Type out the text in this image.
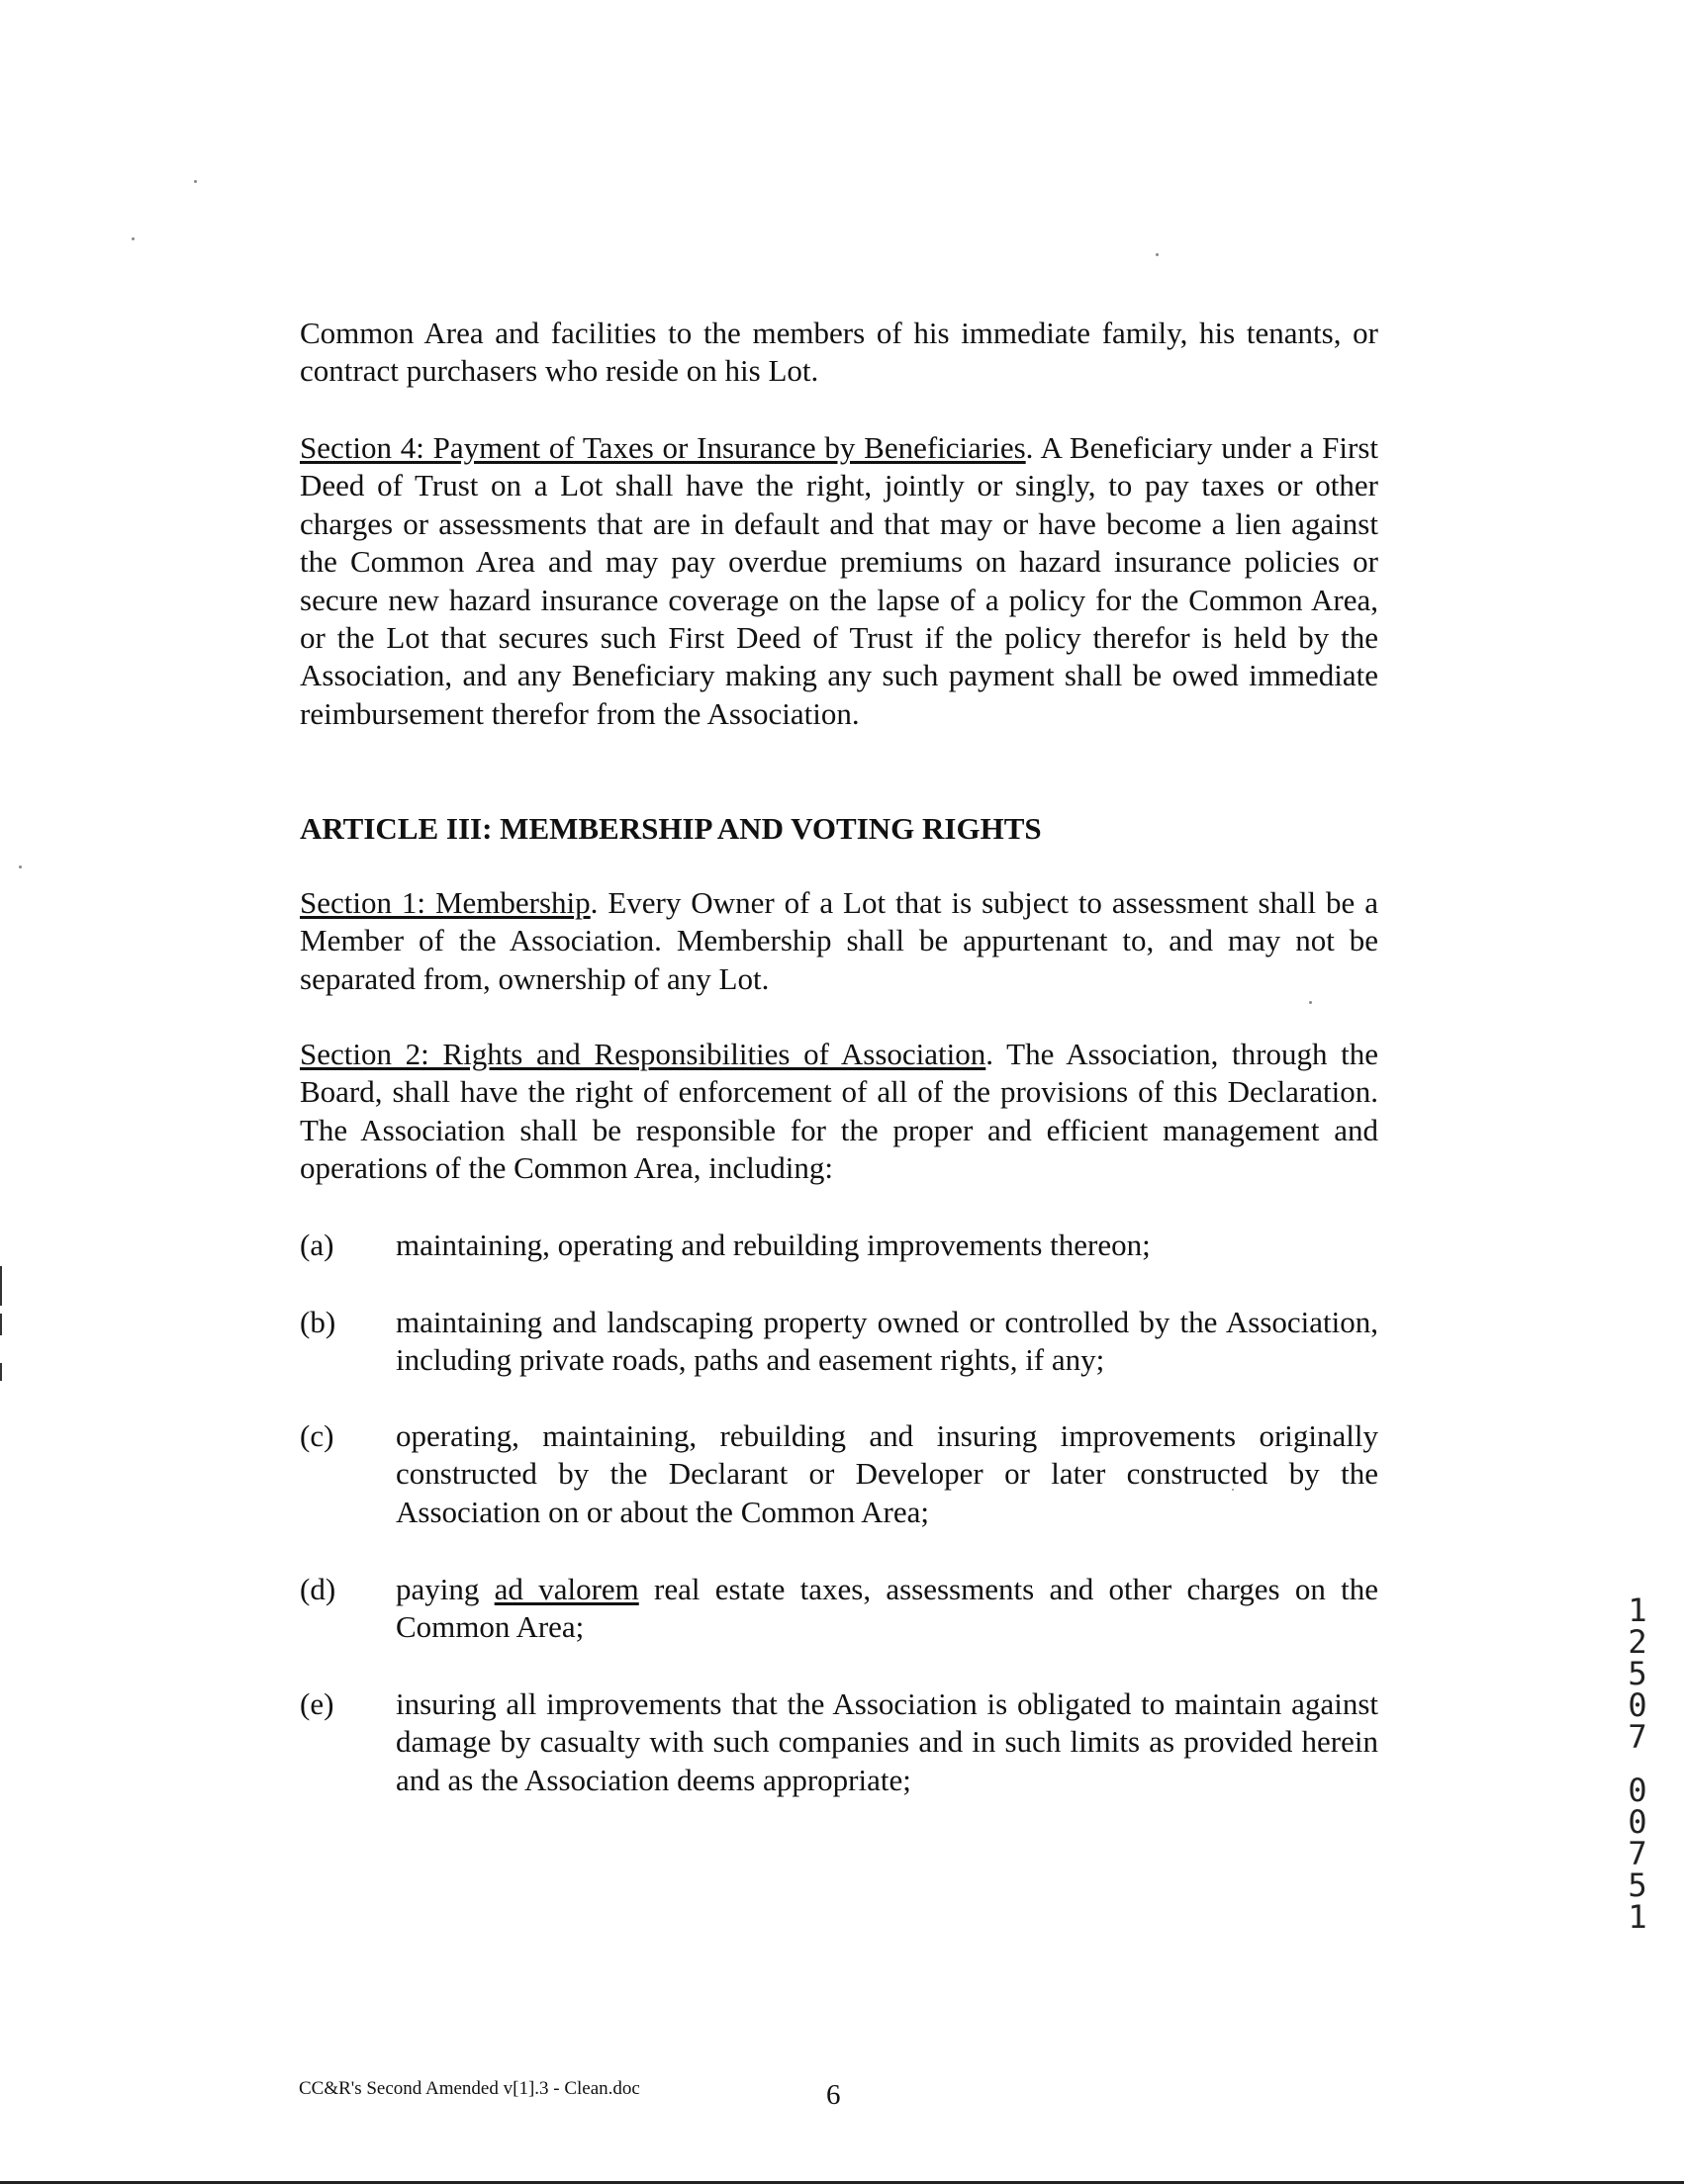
Common Area and facilities to the members of his immediate family, his tenants, or contract purchasers who reside on his Lot.

Section 4: Payment of Taxes or Insurance by Beneficiaries. A Beneficiary under a First Deed of Trust on a Lot shall have the right, jointly or singly, to pay taxes or other charges or assessments that are in default and that may or have become a lien against the Common Area and may pay overdue premiums on hazard insurance policies or secure new hazard insurance coverage on the lapse of a policy for the Common Area, or the Lot that secures such First Deed of Trust if the policy therefor is held by the Association, and any Beneficiary making any such payment shall be owed immediate reimbursement therefor from the Association.

ARTICLE III: MEMBERSHIP AND VOTING RIGHTS

Section 1: Membership. Every Owner of a Lot that is subject to assessment shall be a Member of the Association. Membership shall be appurtenant to, and may not be separated from, ownership of any Lot.

Section 2: Rights and Responsibilities of Association. The Association, through the Board, shall have the right of enforcement of all of the provisions of this Declaration. The Association shall be responsible for the proper and efficient management and operations of the Common Area, including:

(a) maintaining, operating and rebuilding improvements thereon;
(b) maintaining and landscaping property owned or controlled by the Association, including private roads, paths and easement rights, if any;
(c) operating, maintaining, rebuilding and insuring improvements originally constructed by the Declarant or Developer or later constructed by the Association on or about the Common Area;
(d) paying ad valorem real estate taxes, assessments and other charges on the Common Area;
(e) insuring all improvements that the Association is obligated to maintain against damage by casualty with such companies and in such limits as provided herein and as the Association deems appropriate;
1
2
5
0
7
0
0
7
5
1
CC&R's Second Amended v[1].3 - Clean.doc	6
